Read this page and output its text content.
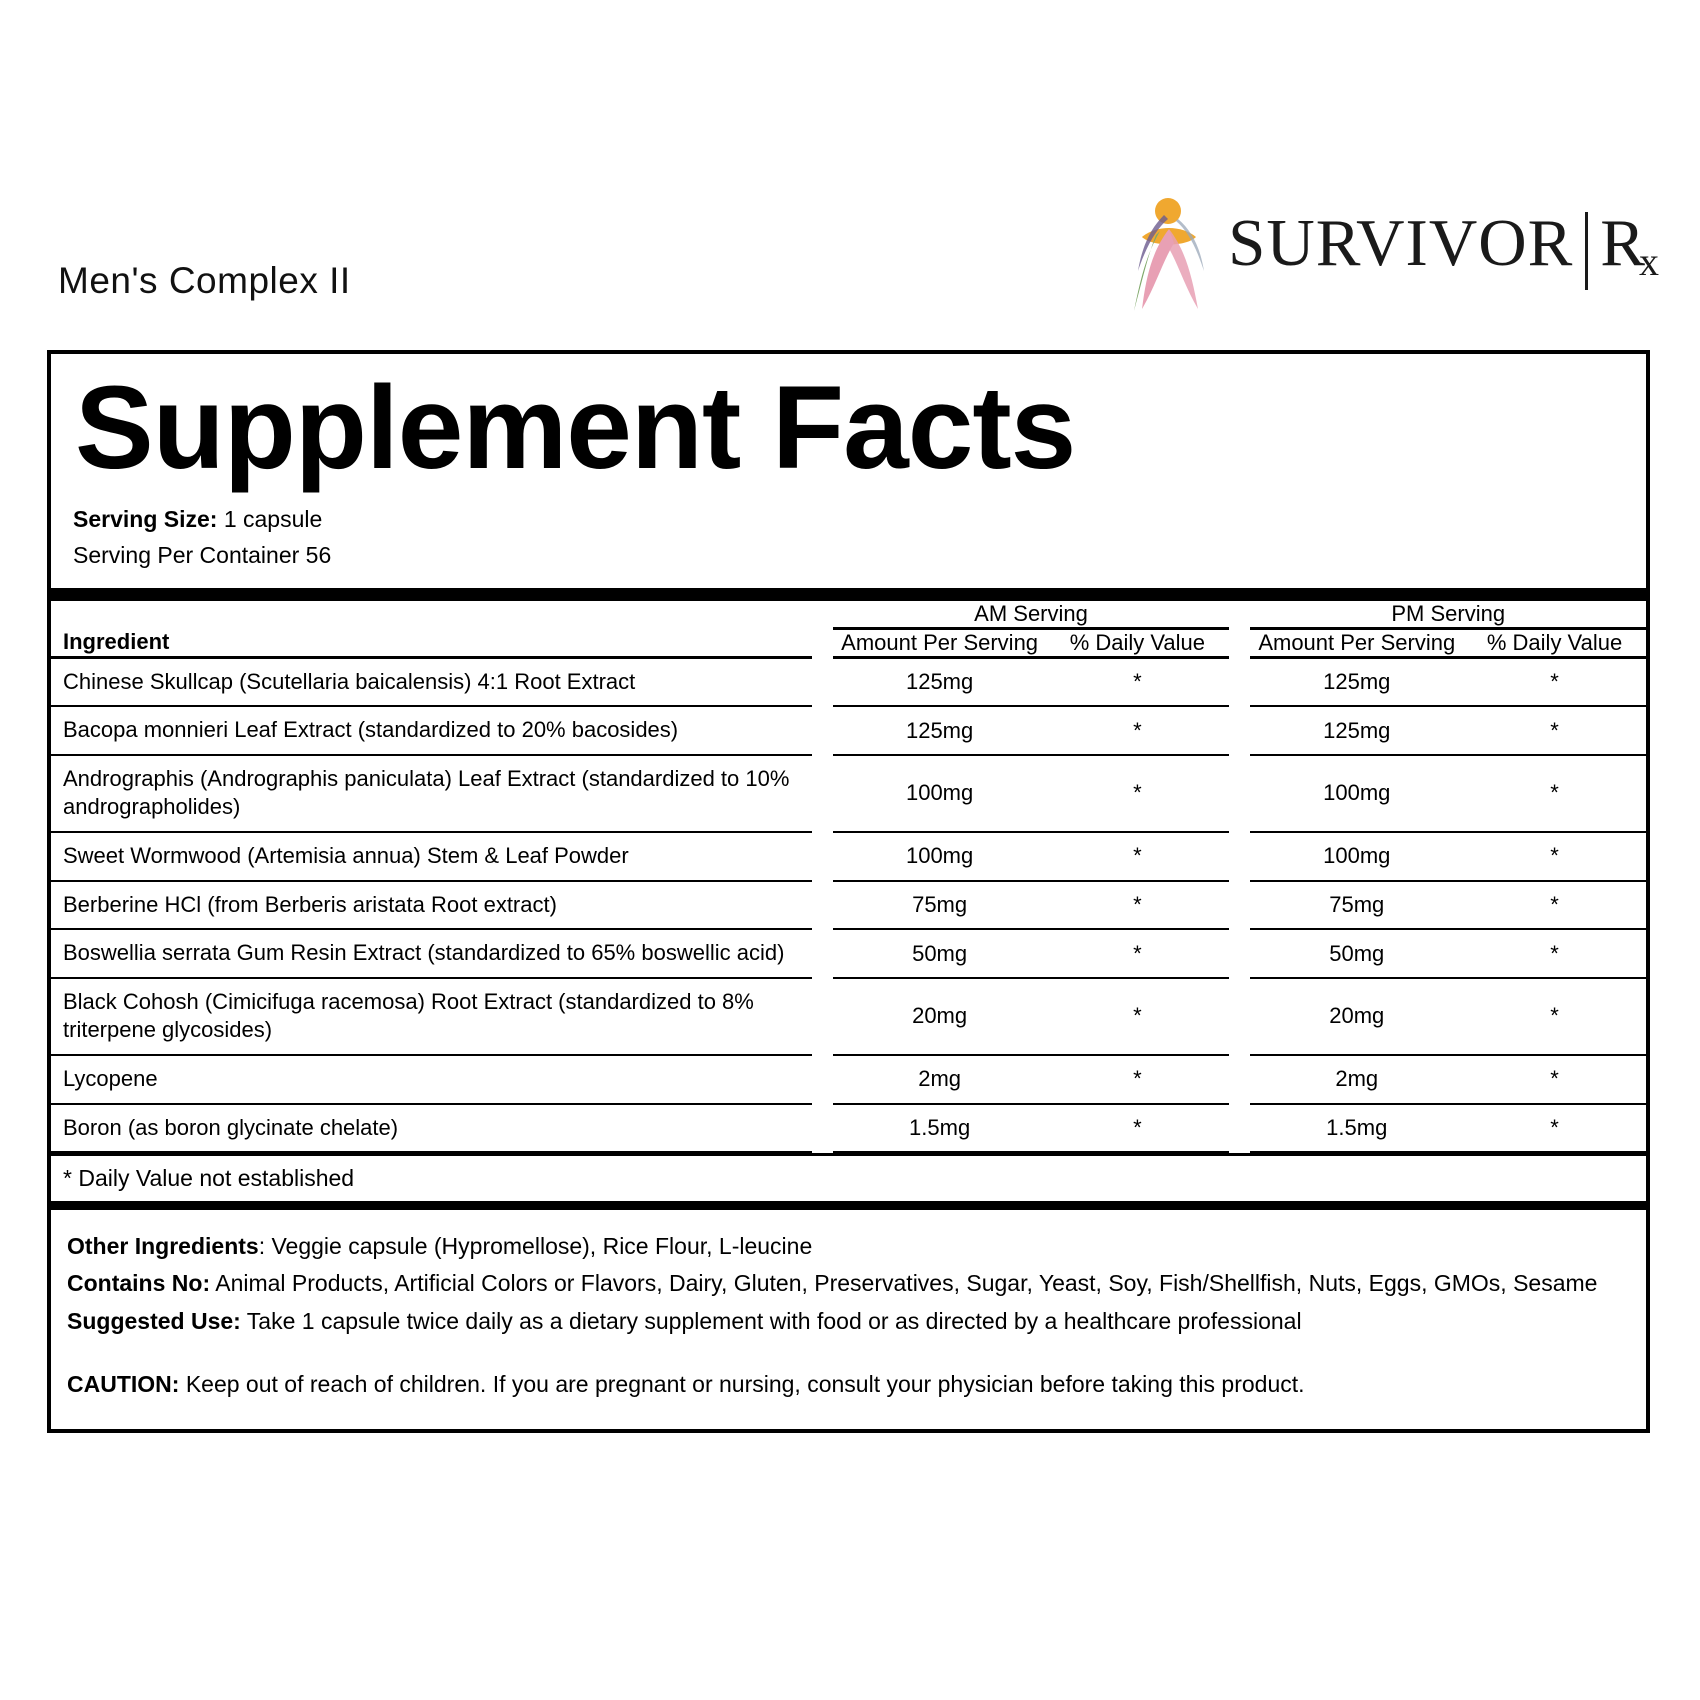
Men's Complex II
SURVIVOR Rx
Supplement Facts
Serving Size: 1 capsule
Serving Per Container 56
		AM Serving			PM Serving	
Ingredient		Amount Per Serving	% Daily Value		Amount Per Serving	% Daily Value
Chinese Skullcap (Scutellaria baicalensis) 4:1 Root Extract		125mg	*		125mg	*
Bacopa monnieri Leaf Extract (standardized to 20% bacosides)		125mg	*		125mg	*
Andrographis (Andrographis paniculata) Leaf Extract (standardized to 10% andrographolides)		100mg	*		100mg	*
Sweet Wormwood (Artemisia annua) Stem & Leaf Powder		100mg	*		100mg	*
Berberine HCl (from Berberis aristata Root extract)		75mg	*		75mg	*
Boswellia serrata Gum Resin Extract (standardized to 65% boswellic acid)		50mg	*		50mg	*
Black Cohosh (Cimicifuga racemosa) Root Extract (standardized to 8% triterpene glycosides)		20mg	*		20mg	*
Lycopene		2mg	*		2mg	*
Boron (as boron glycinate chelate)		1.5mg	*		1.5mg	*
* Daily Value not established
Other Ingredients: Veggie capsule (Hypromellose), Rice Flour, L-leucine
Contains No: Animal Products, Artificial Colors or Flavors, Dairy, Gluten, Preservatives, Sugar, Yeast, Soy, Fish/Shellfish, Nuts, Eggs, GMOs, Sesame
Suggested Use: Take 1 capsule twice daily as a dietary supplement with food or as directed by a healthcare professional
CAUTION: Keep out of reach of children. If you are pregnant or nursing, consult your physician before taking this product.
